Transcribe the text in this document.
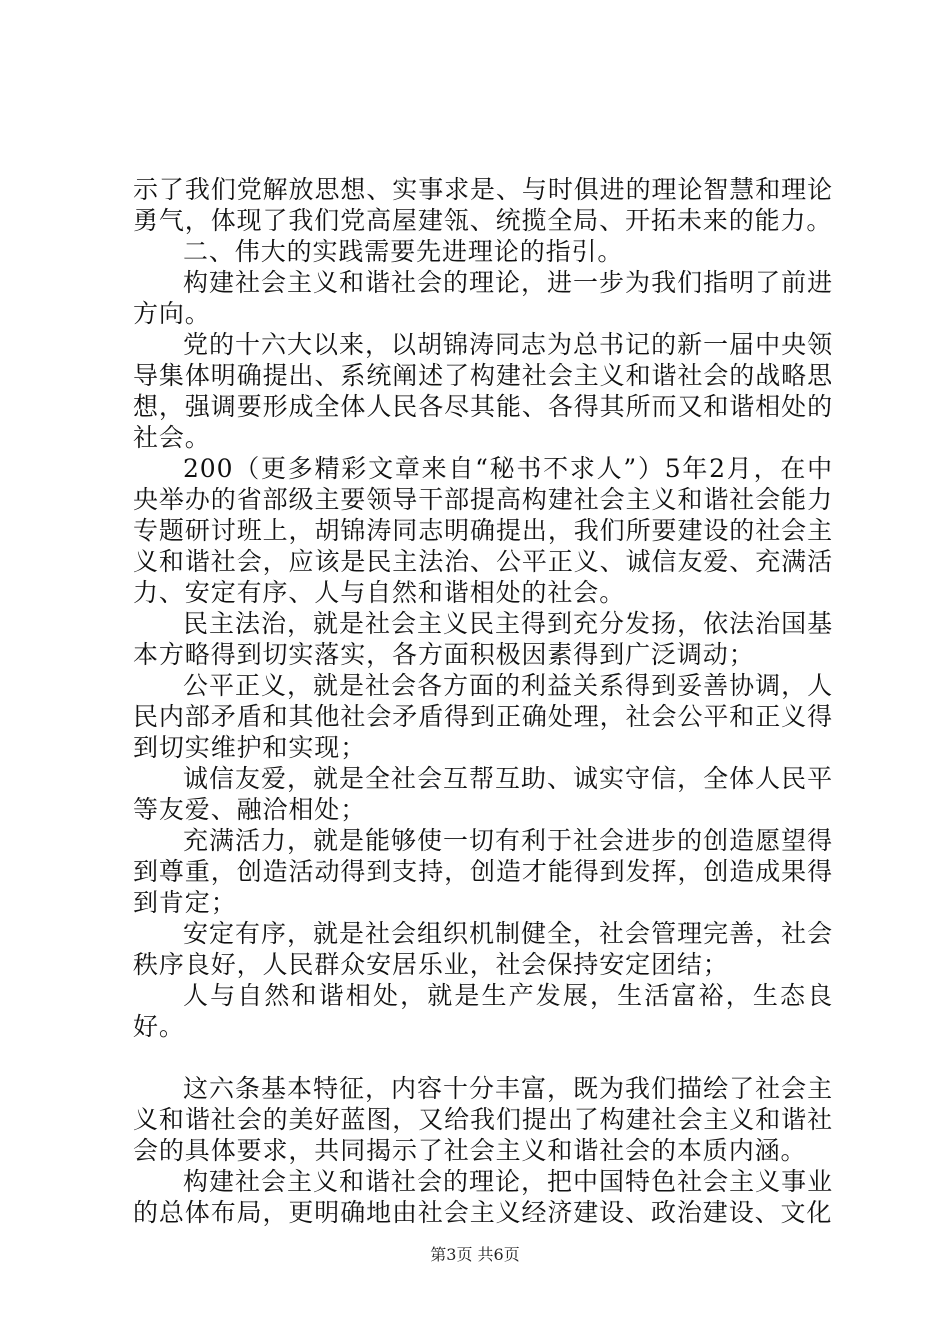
示了我们党解放思想、实事求是、与时俱进的理论智慧和理论勇气，体现了我们党高屋建瓴、统揽全局、开拓未来的能力。

二、伟大的实践需要先进理论的指引。

构建社会主义和谐社会的理论，进一步为我们指明了前进方向。

党的十六大以来，以胡锦涛同志为总书记的新一届中央领导集体明确提出、系统阐述了构建社会主义和谐社会的战略思想，强调要形成全体人民各尽其能、各得其所而又和谐相处的社会。

200（更多精彩文章来自“秘书不求人”）5年2月，在中央举办的省部级主要领导干部提高构建社会主义和谐社会能力专题研讨班上，胡锦涛同志明确提出，我们所要建设的社会主义和谐社会，应该是民主法治、公平正义、诚信友爱、充满活力、安定有序、人与自然和谐相处的社会。

民主法治，就是社会主义民主得到充分发扬，依法治国基本方略得到切实落实，各方面积极因素得到广泛调动；

公平正义，就是社会各方面的利益关系得到妥善协调，人民内部矛盾和其他社会矛盾得到正确处理，社会公平和正义得到切实维护和实现；

诚信友爱，就是全社会互帮互助、诚实守信，全体人民平等友爱、融洽相处；

充满活力，就是能够使一切有利于社会进步的创造愿望得到尊重，创造活动得到支持，创造才能得到发挥，创造成果得到肯定；

安定有序，就是社会组织机制健全，社会管理完善，社会秩序良好，人民群众安居乐业，社会保持安定团结；

人与自然和谐相处，就是生产发展，生活富裕，生态良好。

这六条基本特征，内容十分丰富，既为我们描绘了社会主义和谐社会的美好蓝图，又给我们提出了构建社会主义和谐社会的具体要求，共同揭示了社会主义和谐社会的本质内涵。

构建社会主义和谐社会的理论，把中国特色社会主义事业的总体布局，更明确地由社会主义经济建设、政治建设、文化

第3页 共6页
